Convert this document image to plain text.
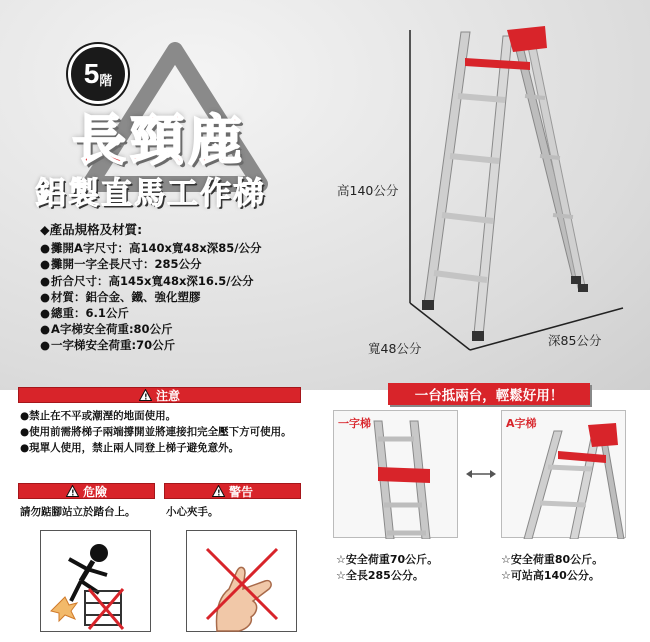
5 階
長頸鹿
鋁製直馬工作梯
◆產品規格及材質:
● 攤開A字尺寸：高140x寬48x深85/公分
● 攤開一字全長尺寸：285公分
● 折合尺寸：高145x寬48x深16.5/公分
● 材質：鋁合金、鐵、強化塑膠
● 總重：6.1公斤
● A字梯安全荷重:80公斤
● 一字梯安全荷重:70公斤
高140公分
寬48公分
深85公分
! 注意
● 禁止在不平或潮溼的地面使用。
● 使用前需將梯子兩端撐開並將連接扣完全壓下方可使用。
● 現單人使用，禁止兩人同登上梯子避免意外。
! 危險
請勿踮腳站立於踏台上。
! 警告
小心夾手。
一台抵兩台，輕鬆好用！
一字梯	A字梯
☆ 安全荷重70公斤。
☆ 全長285公分。
☆ 安全荷重80公斤。
☆ 可站高140公分。
